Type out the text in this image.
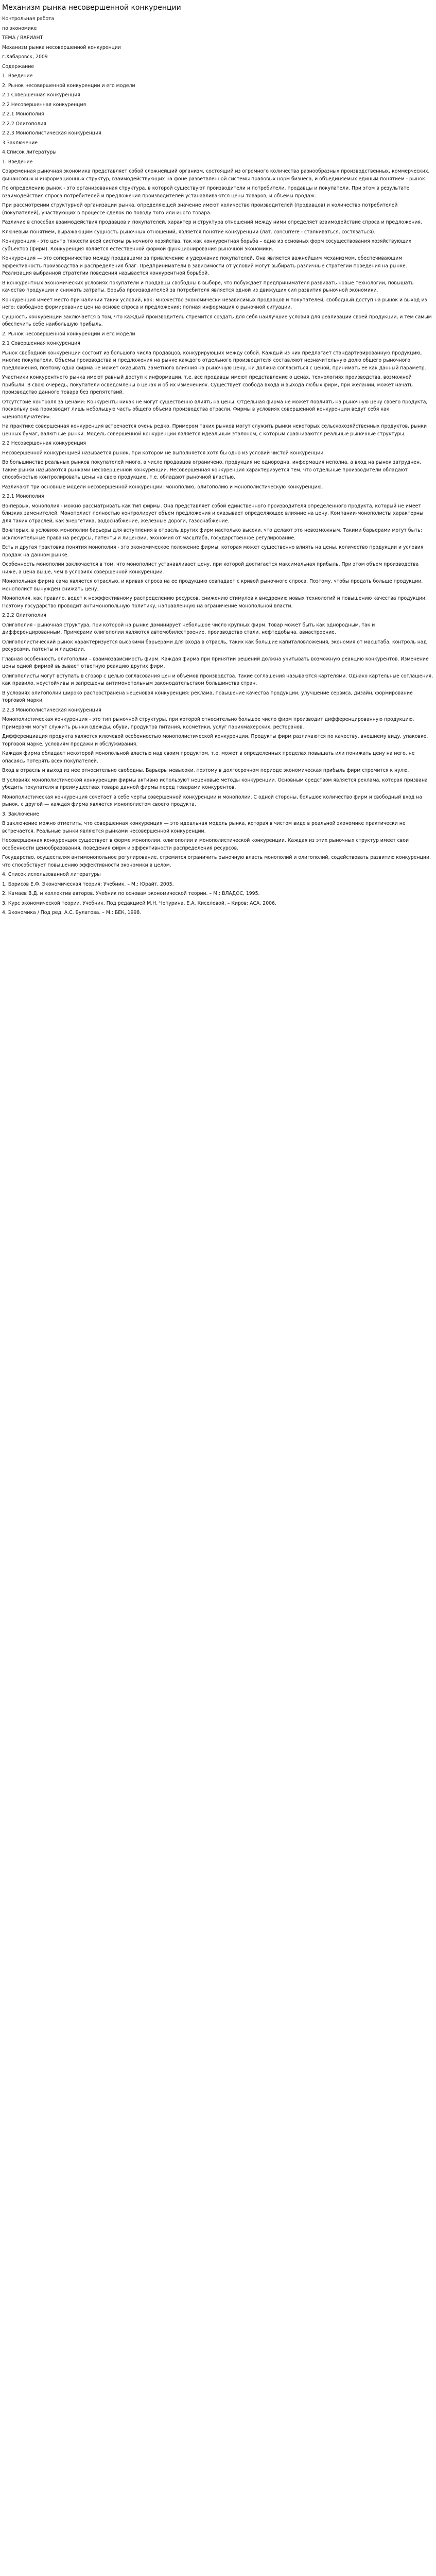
Механизм рынка несовершенной конкуренции

Контрольная работа

по экономике

ТЕМА / ВАРИАНТ

Механизм рынка несовершенной конкуренции

г.Хабаровск, 2009

Содержание

1. Введение

2. Рынок несовершенной конкуренции и его модели

2.1 Совершенная конкуренция

2.2 Несовершенная конкуренция

2.2.1 Монополия

2.2.2 Олигополия

2.2.3 Монополистическая конкуренция

3.Заключение

4.Список литературы

1. Введение

Современная рыночная экономика представляет собой сложнейший организм, состоящий из огромного количества разнообразных производственных, коммерческих, финансовых и информационных структур, взаимодействующих на фоне разветвленной системы правовых норм бизнеса, и объединяемых единым понятием - рынок.

По определению рынок - это организованная структура, в которой существуют производители и потребители, продавцы и покупатели. При этом в результате взаимодействия спроса потребителей и предложения производителей устанавливаются цены товаров, и объемы продаж.

При рассмотрении структурной организации рынка, определяющей значение имеют количество производителей (продавцов) и количество потребителей (покупателей), участвующих в процессе сделок по поводу того или иного товара.

Различие в способах взаимодействия продавцов и покупателей, характер и структура отношений между ними определяет взаимодействие спроса и предложения.

Ключевым понятием, выражающим сущность рыночных отношений, является понятие конкуренции (лат. concurrere - сталкиваться, состязаться).

Конкуренция - это центр тяжести всей системы рыночного хозяйства, так как конкурентная борьба – одна из основных форм сосуществования хозяйствующих субъектов (фирм). Конкуренция является естественной формой функционирования рыночной экономики.

Конкуренция — это соперничество между продавцами за привлечение и удержание покупателей. Она является важнейшим механизмом, обеспечивающим эффективность производства и распределения благ. Предприниматели в зависимости от условий могут выбирать различные стратегии поведения на рынке. Реализация выбранной стратегии поведения называется конкурентной борьбой.

В конкурентных экономических условиях покупатели и продавцы свободны в выборе, что побуждает предпринимателя развивать новые технологии, повышать качество продукции и снижать затраты. Борьба производителей за потребителя является одной из движущих сил развития рыночной экономики.

Конкуренция имеет место при наличии таких условий, как: множество экономически независимых продавцов и покупателей; свободный доступ на рынок и выход из него; свободное формирование цен на основе спроса и предложения; полная информация о рыночной ситуации.

Сущность конкуренции заключается в том, что каждый производитель стремится создать для себя наилучшие условия для реализации своей продукции, и тем самым обеспечить себе наибольшую прибыль.

2. Рынок несовершенной конкуренции и его модели

2.1 Совершенная конкуренция

Рынок свободной конкуренции состоит из большого числа продавцов, конкурирующих между собой. Каждый из них предлагает стандартизированную продукцию, многие покупатели. Объемы производства и предложения на рынке каждого отдельного производителя составляют незначительную долю общего рыночного предложения, поэтому одна фирма не может оказывать заметного влияния на рыночную цену, ни должна согласиться с ценой, принимать ее как данный параметр.

Участники конкурентного рынка имеют равный доступ к информации, т.е. все продавцы имеют представление о ценах, технологиях производства, возможной прибыли. В свою очередь, покупатели осведомлены о ценах и об их изменениях. Существует свобода входа и выхода любых фирм, при желании, может начать производство данного товара без препятствий.

Отсутствие контроля за ценами: Конкуренты никак не могут существенно влиять на цены. Отдельная фирма не может повлиять на рыночную цену своего продукта, поскольку она производит лишь небольшую часть общего объема производства отрасли. Фирмы в условиях совершенной конкуренции ведут себя как «ценополучатели».

На практике совершенная конкуренция встречается очень редко. Примером таких рынков могут служить рынки некоторых сельскохозяйственных продуктов, рынки ценных бумаг, валютные рынки. Модель совершенной конкуренции является идеальным эталоном, с которым сравниваются реальные рыночные структуры.

2.2 Несовершенная конкуренция

Несовершенной конкуренцией называется рынок, при котором не выполняется хотя бы одно из условий чистой конкуренции.

Во большинстве реальных рынков покупателей много, а число продавцов ограничено, продукция не однородна, информация неполна, а вход на рынок затруднен. Такие рынки называются рынками несовершенной конкуренции. Несовершенная конкуренция характеризуется тем, что отдельные производители обладают способностью контролировать цены на свою продукцию, т.е. обладают рыночной властью.

Различают три основные модели несовершенной конкуренции: монополию, олигополию и монополистическую конкуренцию.

2.2.1 Монополия

Во-первых, монополия - можно рассматривать как тип фирмы. Она представляет собой единственного производителя определенного продукта, который не имеет близких заменителей. Монополист полностью контролирует объем предложения и оказывает определяющее влияние на цену. Компании-монополисты характерны для таких отраслей, как энергетика, водоснабжение, железные дороги, газоснабжение.

Во-вторых, в условиях монополии барьеры для вступления в отрасль других фирм настолько высоки, что делают это невозможным. Такими барьерами могут быть: исключительные права на ресурсы, патенты и лицензии, экономия от масштаба, государственное регулирование.

Есть и другая трактовка понятия монополия - это экономическое положение фирмы, которая может существенно влиять на цены, количество продукции и условия продаж на данном рынке.

Особенность монополии заключается в том, что монополист устанавливает цену, при которой достигается максимальная прибыль. При этом объем производства ниже, а цена выше, чем в условиях совершенной конкуренции.

Монопольная фирма сама является отраслью, и кривая спроса на ее продукцию совпадает с кривой рыночного спроса. Поэтому, чтобы продать больше продукции, монополист вынужден снижать цену.

Монополия, как правило, ведет к неэффективному распределению ресурсов, снижению стимулов к внедрению новых технологий и повышению качества продукции. Поэтому государство проводит антимонопольную политику, направленную на ограничение монопольной власти.

2.2.2 Олигополия

Олигополия - рыночная структура, при которой на рынке доминирует небольшое число крупных фирм. Товар может быть как однородным, так и дифференцированным. Примерами олигополии являются автомобилестроение, производство стали, нефтедобыча, авиастроение.

Олигополистический рынок характеризуется высокими барьерами для входа в отрасль, таких как большие капиталовложения, экономия от масштаба, контроль над ресурсами, патенты и лицензии.

Главная особенность олигополии – взаимозависимость фирм. Каждая фирма при принятии решений должна учитывать возможную реакцию конкурентов. Изменение цены одной фирмой вызывает ответную реакцию других фирм.

Олигополисты могут вступать в сговор с целью согласования цен и объемов производства. Такие соглашения называются картелями. Однако картельные соглашения, как правило, неустойчивы и запрещены антимонопольным законодательством большинства стран.

В условиях олигополии широко распространена неценовая конкуренция: реклама, повышение качества продукции, улучшение сервиса, дизайн, формирование торговой марки.

2.2.3 Монополистическая конкуренция

Монополистическая конкуренция - это тип рыночной структуры, при которой относительно большое число фирм производит дифференцированную продукцию. Примерами могут служить рынки одежды, обуви, продуктов питания, косметики, услуг парикмахерских, ресторанов.

Дифференциация продукта является ключевой особенностью монополистической конкуренции. Продукты фирм различаются по качеству, внешнему виду, упаковке, торговой марке, условиям продажи и обслуживания.

Каждая фирма обладает некоторой монопольной властью над своим продуктом, т.е. может в определенных пределах повышать или понижать цену на него, не опасаясь потерять всех покупателей.

Вход в отрасль и выход из нее относительно свободны. Барьеры невысоки, поэтому в долгосрочном периоде экономическая прибыль фирм стремится к нулю.

В условиях монополистической конкуренции фирмы активно используют неценовые методы конкуренции. Основным средством является реклама, которая призвана убедить покупателя в преимуществах товара данной фирмы перед товарами конкурентов.

Монополистическая конкуренция сочетает в себе черты совершенной конкуренции и монополии. С одной стороны, большое количество фирм и свободный вход на рынок, с другой — каждая фирма является монополистом своего продукта.

3. Заключение

В заключение можно отметить, что совершенная конкуренция — это идеальная модель рынка, которая в чистом виде в реальной экономике практически не встречается. Реальные рынки являются рынками несовершенной конкуренции.

Несовершенная конкуренция существует в форме монополии, олигополии и монополистической конкуренции. Каждая из этих рыночных структур имеет свои особенности ценообразования, поведения фирм и эффективности распределения ресурсов.

Государство, осуществляя антимонопольное регулирование, стремится ограничить рыночную власть монополий и олигополий, содействовать развитию конкуренции, что способствует повышению эффективности экономики в целом.

4. Список использованной литературы

1. Борисов Е.Ф. Экономическая теория: Учебник. – М.: Юрайт, 2005.

2. Камаев В.Д. и коллектив авторов. Учебник по основам экономической теории. – М.: ВЛАДОС, 1995.

3. Курс экономической теории. Учебник. Под редакцией М.Н. Чепурина, Е.А. Киселевой. – Киров: АСА, 2006.

4. Экономика / Под ред. А.С. Булатова. – М.: БЕК, 1998.
